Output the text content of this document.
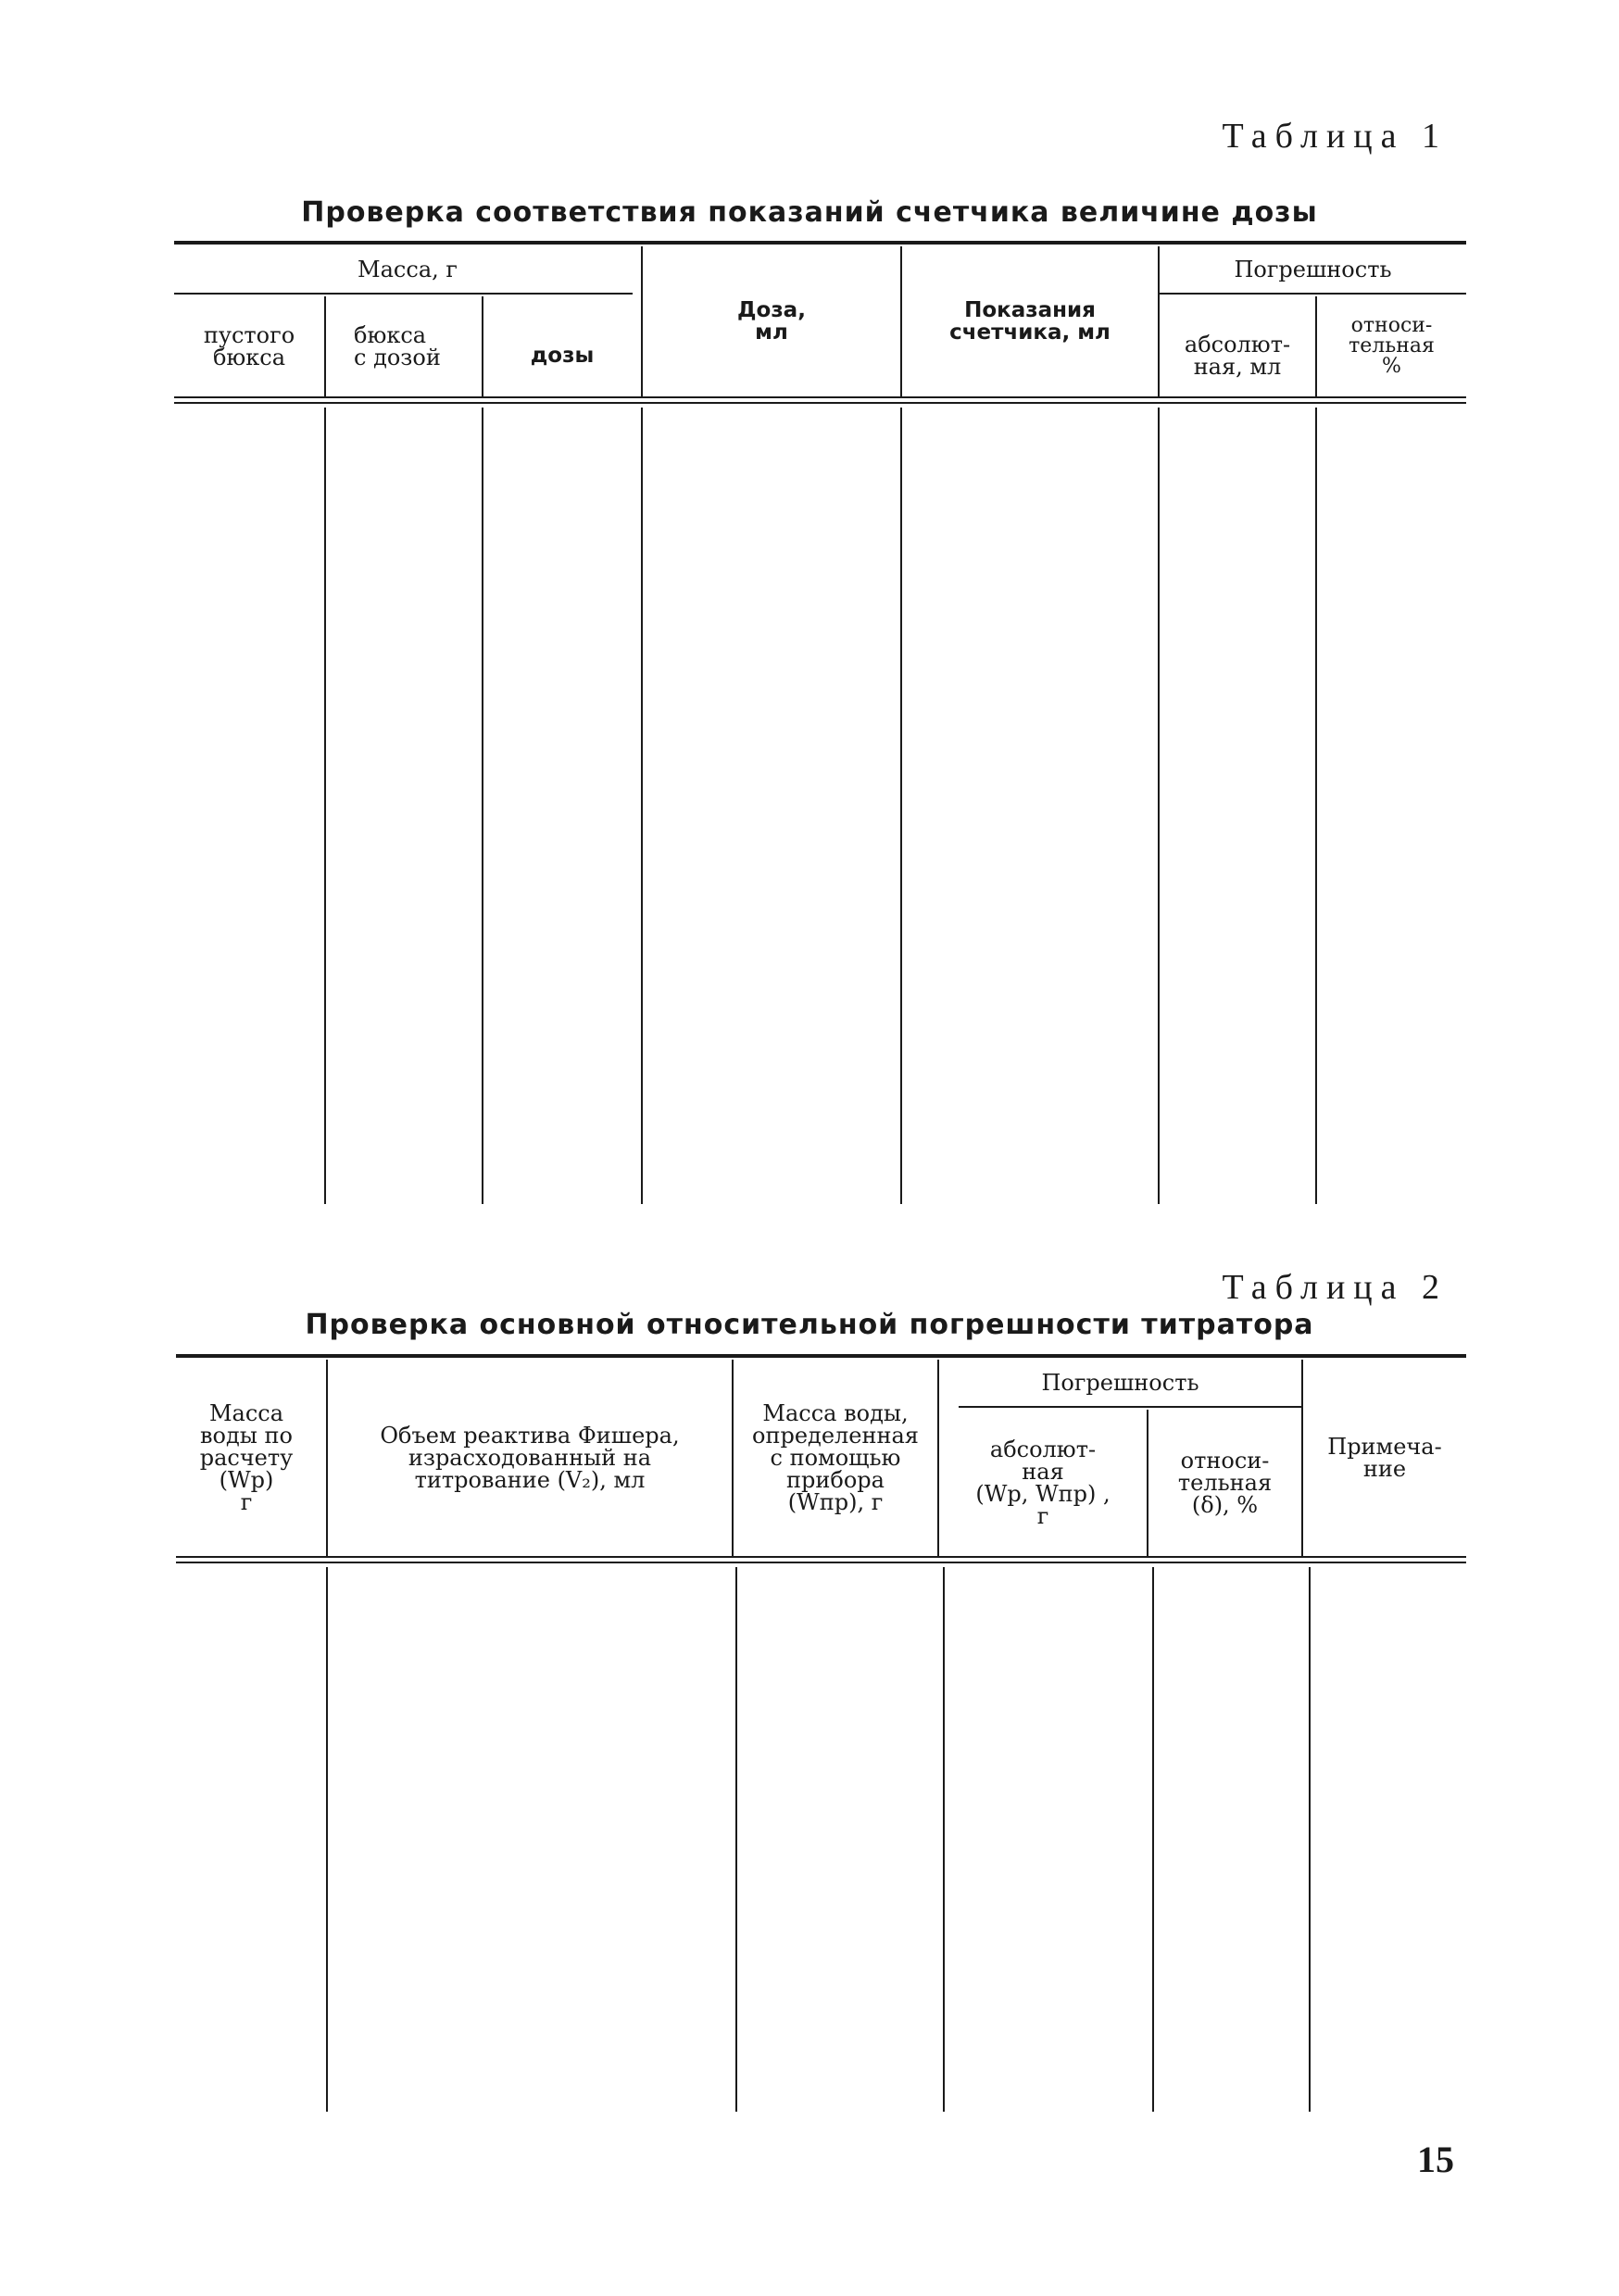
Таблица 1
Проверка соответствия показаний счетчика величине дозы
Масса, г
пустого
бюкса
бюкса
с дозой	дозы
Доза,
мл
Показания
счетчика, мл
Погрешность
абсолют-
ная, мл
относи-
тельная
%
Таблица 2
Проверка основной относительной погрешности титратора
Масса
воды по
расчету
(Wр)
г
Объем реактива Фишера,
израсходованный на
титрование (V₂), мл
Масса воды,
определенная
с помощью
прибора
(Wпр), г
Погрешность
абсолют-
ная
(Wр, Wпр) ,
г
относи-
тельная
(δ), %
Примеча-
ние
15
